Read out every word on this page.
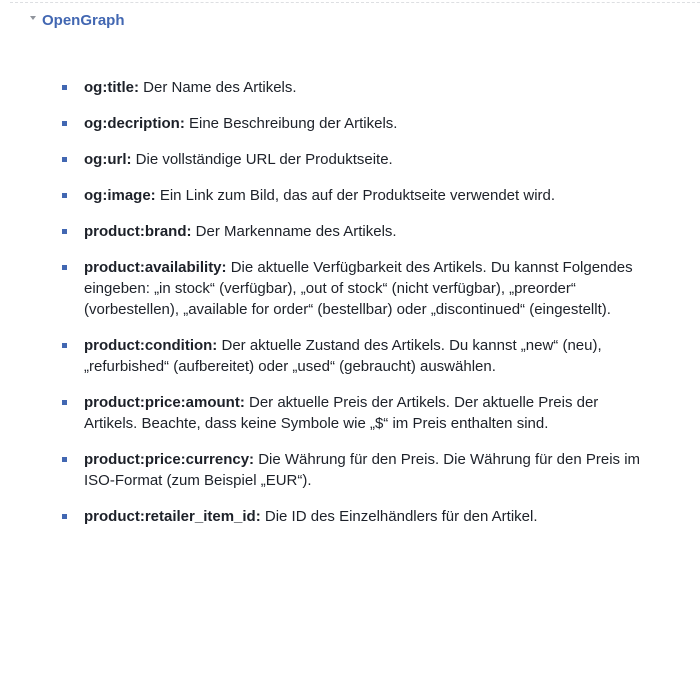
OpenGraph
og:title: Der Name des Artikels.
og:decription: Eine Beschreibung der Artikels.
og:url: Die vollständige URL der Produktseite.
og:image: Ein Link zum Bild, das auf der Produktseite verwendet wird.
product:brand: Der Markenname des Artikels.
product:availability: Die aktuelle Verfügbarkeit des Artikels. Du kannst Folgendes eingeben: „in stock“ (verfügbar), „out of stock“ (nicht verfügbar), „preorder“ (vorbestellen), „available for order“ (bestellbar) oder „discontinued“ (eingestellt).
product:condition: Der aktuelle Zustand des Artikels. Du kannst „new“ (neu), „refurbished“ (aufbereitet) oder „used“ (gebraucht) auswählen.
product:price:amount: Der aktuelle Preis der Artikels. Der aktuelle Preis der Artikels. Beachte, dass keine Symbole wie „$“ im Preis enthalten sind.
product:price:currency: Die Währung für den Preis. Die Währung für den Preis im ISO-Format (zum Beispiel „EUR“).
product:retailer_item_id: Die ID des Einzelhändlers für den Artikel.
